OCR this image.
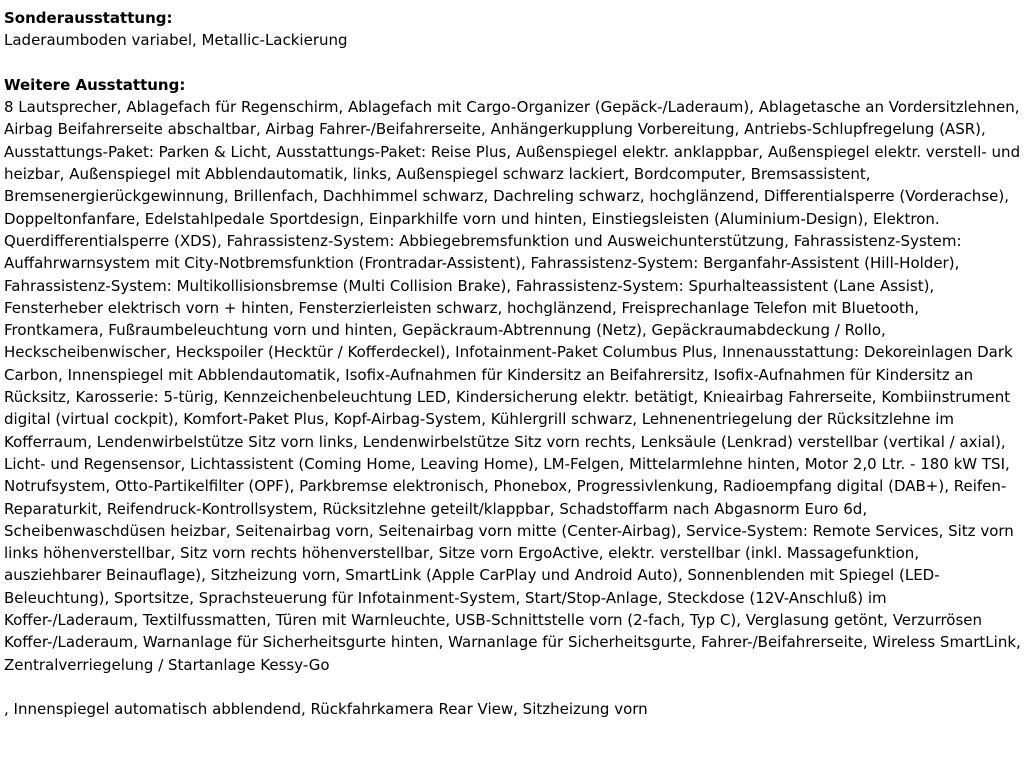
Sonderausstattung:
Laderaumboden variabel, Metallic-Lackierung
Weitere Ausstattung:
8 Lautsprecher, Ablagefach für Regenschirm, Ablagefach mit Cargo-Organizer (Gepäck-/Laderaum), Ablagetasche an Vordersitzlehnen, Airbag Beifahrerseite abschaltbar, Airbag Fahrer-/Beifahrerseite, Anhängerkupplung Vorbereitung, Antriebs-Schlupfregelung (ASR), Ausstattungs-Paket: Parken & Licht, Ausstattungs-Paket: Reise Plus, Außenspiegel elektr. anklappbar, Außenspiegel elektr. verstell- und heizbar, Außenspiegel mit Abblendautomatik, links, Außenspiegel schwarz lackiert, Bordcomputer, Bremsassistent, Bremsenergierückgewinnung, Brillenfach, Dachhimmel schwarz, Dachreling schwarz, hochglänzend, Differentialsperre (Vorderachse), Doppeltonfanfare, Edelstahlpedale Sportdesign, Einparkhilfe vorn und hinten, Einstiegsleisten (Aluminium-Design), Elektron. Querdifferentialsperre (XDS), Fahrassistenz-System: Abbiegebremsfunktion und Ausweichunterstützung, Fahrassistenz-System: Auffahrwarnsystem mit City-Notbremsfunktion (Frontradar-Assistent), Fahrassistenz-System: Berganfahr-Assistent (Hill-Holder), Fahrassistenz-System: Multikollisionsbremse (Multi Collision Brake), Fahrassistenz-System: Spurhalteassistent (Lane Assist), Fensterheber elektrisch vorn + hinten, Fensterzierleisten schwarz, hochglänzend, Freisprechanlage Telefon mit Bluetooth, Frontkamera, Fußraumbeleuchtung vorn und hinten, Gepäckraum-Abtrennung (Netz), Gepäckraumabdeckung / Rollo, Heckscheibenwischer, Heckspoiler (Hecktür / Kofferdeckel), Infotainment-Paket Columbus Plus, Innenausstattung: Dekoreinlagen Dark Carbon, Innenspiegel mit Abblendautomatik, Isofix-Aufnahmen für Kindersitz an Beifahrersitz, Isofix-Aufnahmen für Kindersitz an Rücksitz, Karosserie: 5-türig, Kennzeichenbeleuchtung LED, Kindersicherung elektr. betätigt, Knieairbag Fahrerseite, Kombiinstrument digital (virtual cockpit), Komfort-Paket Plus, Kopf-Airbag-System, Kühlergrill schwarz, Lehnenentriegelung der Rücksitzlehne im Kofferraum, Lendenwirbelstütze Sitz vorn links, Lendenwirbelstütze Sitz vorn rechts, Lenksäule (Lenkrad) verstellbar (vertikal / axial), Licht- und Regensensor, Lichtassistent (Coming Home, Leaving Home), LM-Felgen, Mittelarmlehne hinten, Motor 2,0 Ltr. - 180 kW TSI, Notrufsystem, Otto-Partikelfilter (OPF), Parkbremse elektronisch, Phonebox, Progressivlenkung, Radioempfang digital (DAB+), Reifen-Reparaturkit, Reifendruck-Kontrollsystem, Rücksitzlehne geteilt/klappbar, Schadstoffarm nach Abgasnorm Euro 6d, Scheibenwaschdüsen heizbar, Seitenairbag vorn, Seitenairbag vorn mitte (Center-Airbag), Service-System: Remote Services, Sitz vorn links höhenverstellbar, Sitz vorn rechts höhenverstellbar, Sitze vorn ErgoActive, elektr. verstellbar (inkl. Massagefunktion, ausziehbarer Beinauflage), Sitzheizung vorn, SmartLink (Apple CarPlay und Android Auto), Sonnenblenden mit Spiegel (LED-Beleuchtung), Sportsitze, Sprachsteuerung für Infotainment-System, Start/Stop-Anlage, Steckdose (12V-Anschluß) im Koffer-/Laderaum, Textilfussmatten, Türen mit Warnleuchte, USB-Schnittstelle vorn (2-fach, Typ C), Verglasung getönt, Verzurrösen Koffer-/Laderaum, Warnanlage für Sicherheitsgurte hinten, Warnanlage für Sicherheitsgurte, Fahrer-/Beifahrerseite, Wireless SmartLink, Zentralverriegelung / Startanlage Kessy-Go
, Innenspiegel automatisch abblendend, Rückfahrkamera Rear View, Sitzheizung vorn
